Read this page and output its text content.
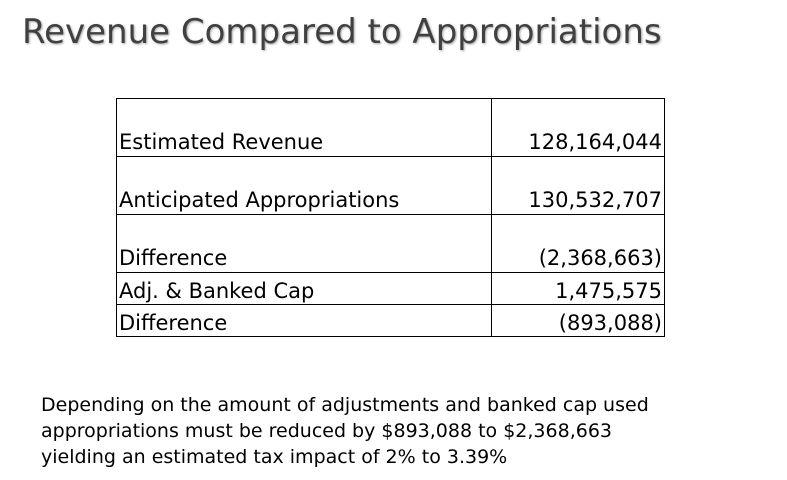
Revenue Compared to Appropriations
Estimated Revenue	128,164,044
Anticipated Appropriations	130,532,707
Difference	(2,368,663)
Adj. & Banked Cap	1,475,575
Difference	(893,088)

Depending on the amount of adjustments and banked cap used
appropriations must be reduced by $893,088 to $2,368,663
yielding an estimated tax impact of 2% to 3.39%
